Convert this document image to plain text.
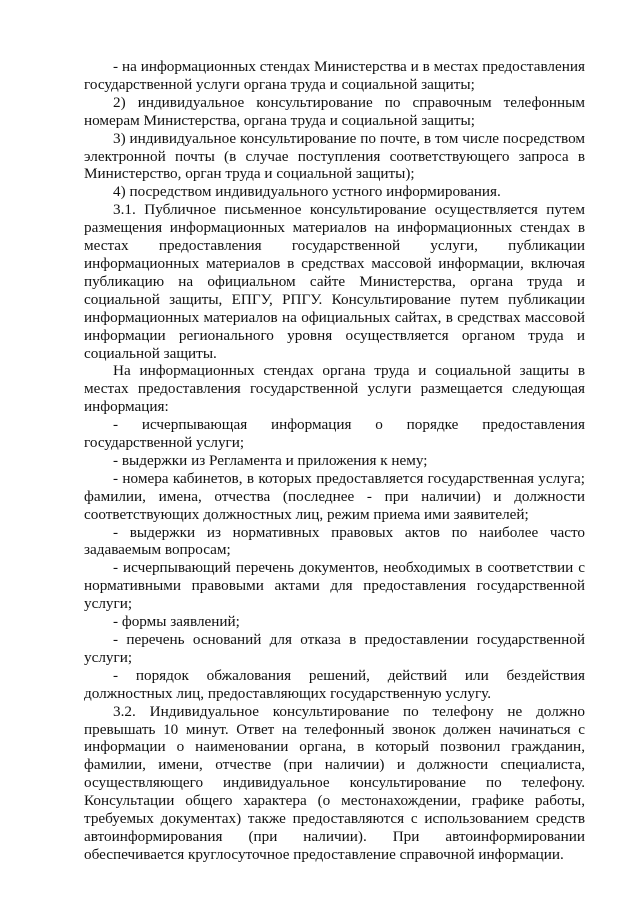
- на информационных стендах Министерства и в местах предоставления государственной услуги органа труда и социальной защиты;

2) индивидуальное консультирование по справочным телефонным номерам Министерства, органа труда и социальной защиты;

3) индивидуальное консультирование по почте, в том числе посредством электронной почты (в случае поступления соответствующего запроса в Министерство, орган труда и социальной защиты);

4) посредством индивидуального устного информирования.

3.1. Публичное письменное консультирование осуществляется путем размещения информационных материалов на информационных стендах в местах предоставления государственной услуги, публикации информационных материалов в средствах массовой информации, включая публикацию на официальном сайте Министерства, органа труда и социальной защиты, ЕПГУ, РПГУ. Консультирование путем публикации информационных материалов на официальных сайтах, в средствах массовой информации регионального уровня осуществляется органом труда и социальной защиты.

На информационных стендах органа труда и социальной защиты в местах предоставления государственной услуги размещается следующая информация:

- исчерпывающая информация о порядке предоставления государственной услуги;

- выдержки из Регламента и приложения к нему;

- номера кабинетов, в которых предоставляется государственная услуга; фамилии, имена, отчества (последнее - при наличии) и должности соответствующих должностных лиц, режим приема ими заявителей;

- выдержки из нормативных правовых актов по наиболее часто задаваемым вопросам;

- исчерпывающий перечень документов, необходимых в соответствии с нормативными правовыми актами для предоставления государственной услуги;

- формы заявлений;

- перечень оснований для отказа в предоставлении государственной услуги;

- порядок обжалования решений, действий или бездействия должностных лиц, предоставляющих государственную услугу.

3.2. Индивидуальное консультирование по телефону не должно превышать 10 минут. Ответ на телефонный звонок должен начинаться с информации о наименовании органа, в который позвонил гражданин, фамилии, имени, отчестве (при наличии) и должности специалиста, осуществляющего индивидуальное консультирование по телефону. Консультации общего характера (о местонахождении, графике работы, требуемых документах) также предоставляются с использованием средств автоинформирования (при наличии). При автоинформировании обеспечивается круглосуточное предоставление справочной информации.
